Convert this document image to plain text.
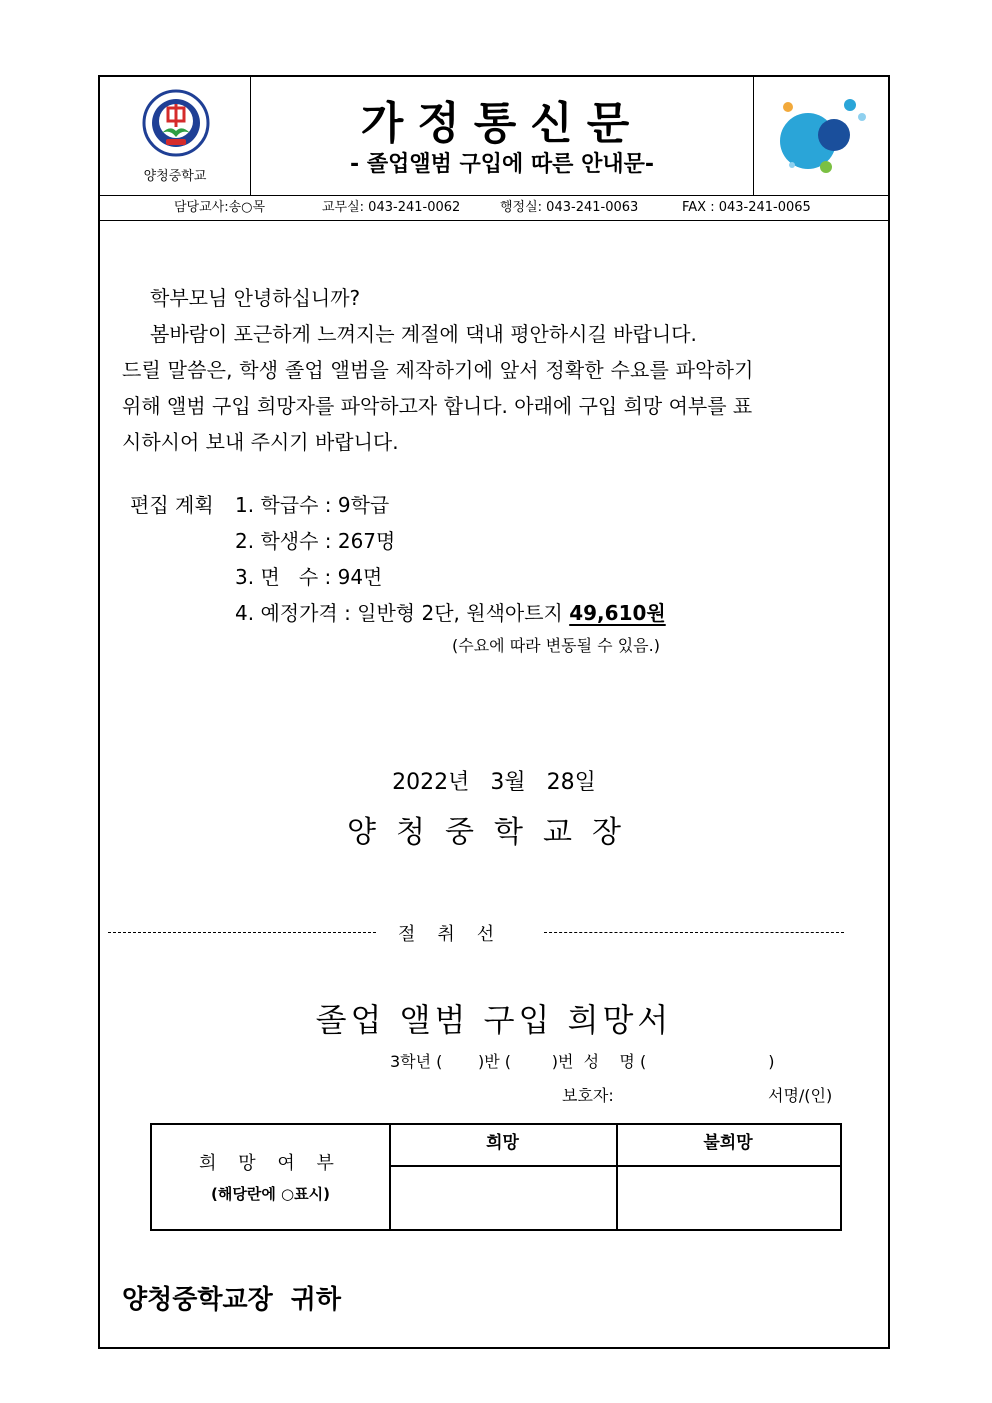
양청중학교
가정통신문
- 졸업앨범 구입에 따른 안내문-
담당교사:송○목	교무실: 043-241-0062	행정실: 043-241-0063	FAX : 043-241-0065
학부모님 안녕하십니까?
봄바람이 포근하게 느껴지는 계절에 댁내 평안하시길 바랍니다.
드릴 말씀은, 학생 졸업 앨범을 제작하기에 앞서 정확한 수요를 파악하기
위해 앨범 구입 희망자를 파악하고자 합니다. 아래에 구입 희망 여부를 표
시하시어 보내 주시기 바랍니다.
편집 계획 1. 학급수 : 9학급
2. 학생수 : 267명
3. 면   수 : 94면
4. 예정가격 : 일반형 2단, 원색아트지 49,610원
(수요에 따라 변동될 수 있음.)
2022년   3월   28일
양청중학교장
절취선
졸업 앨범 구입 희망서
3학년 (       )반 (        )번  성    명 (                        )
보호자:	서명/(인)
희 망 여 부
(해당란에 ○표시)
희망	불희망
양청중학교장  귀하
